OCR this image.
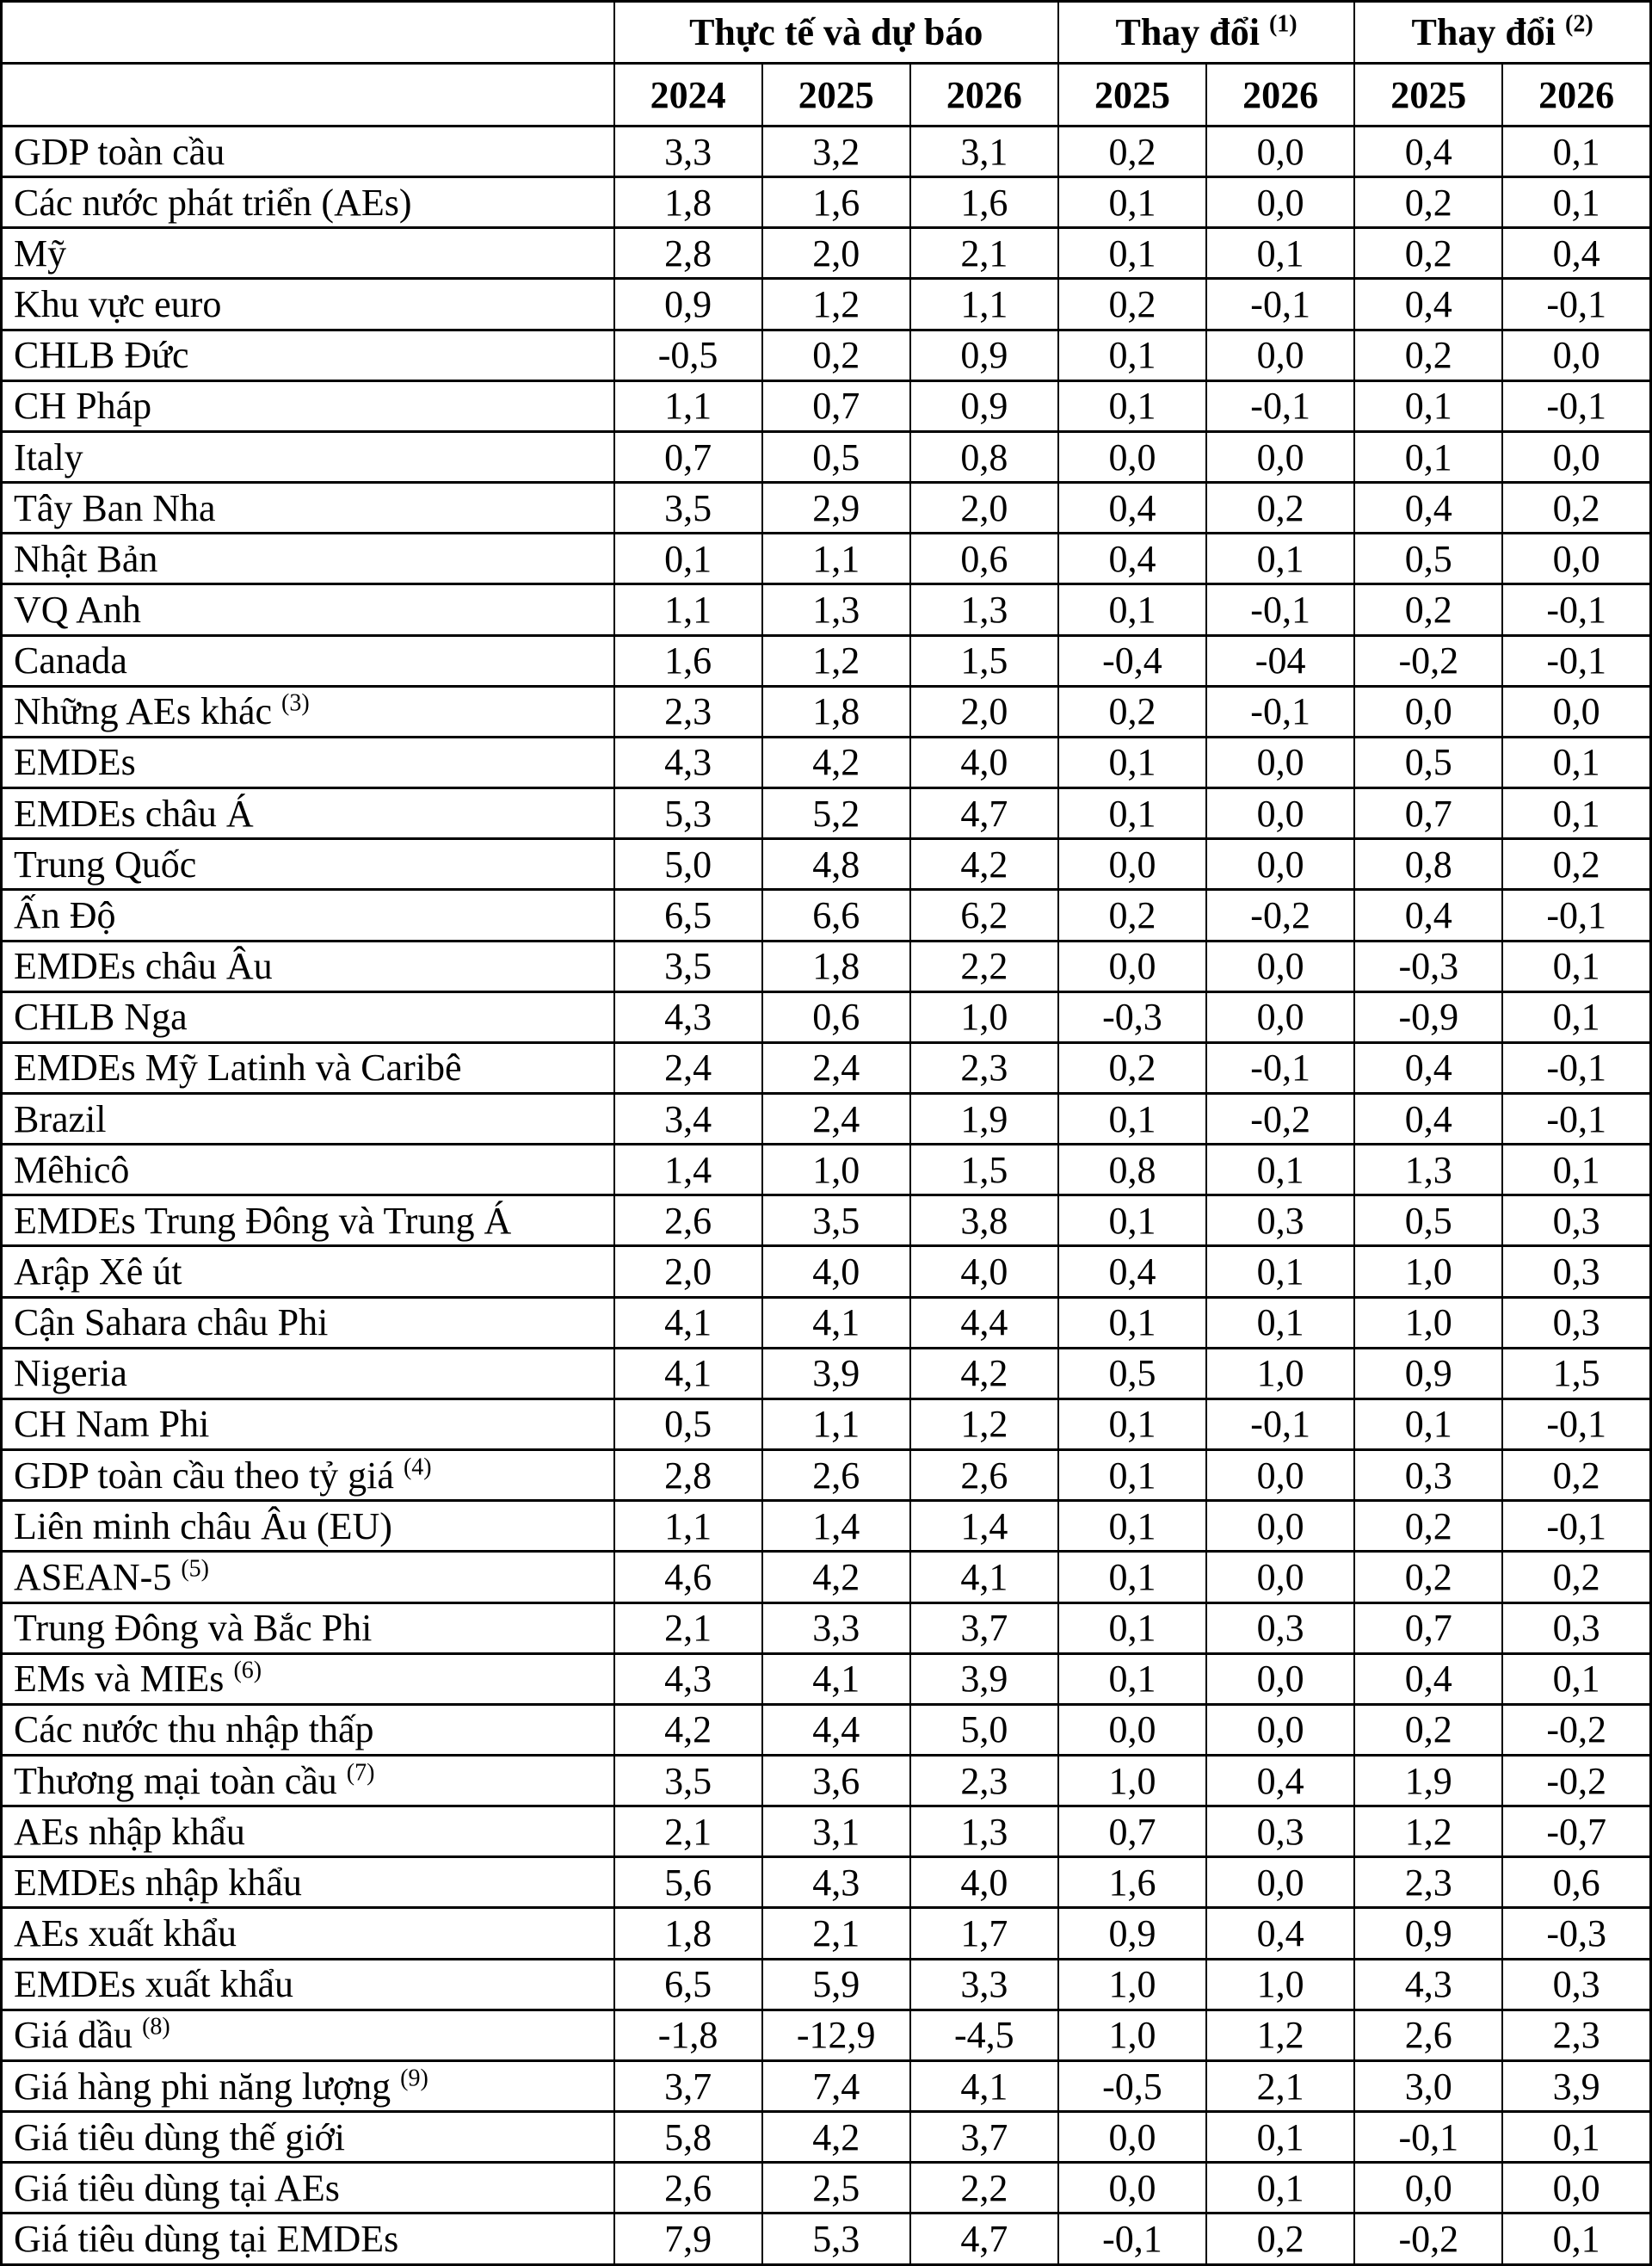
	Thực tế và dự báo			Thay đổi $^{(1)}$		Thay đổi $^{(2)}$
	2024	2025	2026	2025	2026	2025	2026
GDP toàn cầu	3,3	3,2	3,1	0,2	0,0	0,4	0,1
Các nước phát triển (AEs)	1,8	1,6	1,6	0,1	0,0	0,2	0,1
Mỹ	2,8	2,0	2,1	0,1	0,1	0,2	0,4
Khu vực euro	0,9	1,2	1,1	0,2	-0,1	0,4	-0,1
CHLB Đức	-0,5	0,2	0,9	0,1	0,0	0,2	0,0
CH Pháp	1,1	0,7	0,9	0,1	-0,1	0,1	-0,1
Italy	0,7	0,5	0,8	0,0	0,0	0,1	0,0
Tây Ban Nha	3,5	2,9	2,0	0,4	0,2	0,4	0,2
Nhật Bản	0,1	1,1	0,6	0,4	0,1	0,5	0,0
VQ Anh	1,1	1,3	1,3	0,1	-0,1	0,2	-0,1
Canada	1,6	1,2	1,5	-0,4	-04	-0,2	-0,1
Những AEs khác $^{(3)}$	2,3	1,8	2,0	0,2	-0,1	0,0	0,0
EMDEs	4,3	4,2	4,0	0,1	0,0	0,5	0,1
EMDEs châu Á	5,3	5,2	4,7	0,1	0,0	0,7	0,1
Trung Quốc	5,0	4,8	4,2	0,0	0,0	0,8	0,2
Ấn Độ	6,5	6,6	6,2	0,2	-0,2	0,4	-0,1
EMDEs châu Âu	3,5	1,8	2,2	0,0	0,0	-0,3	0,1
CHLB Nga	4,3	0,6	1,0	-0,3	0,0	-0,9	0,1
EMDEs Mỹ Latinh và Caribê	2,4	2,4	2,3	0,2	-0,1	0,4	-0,1
Brazil	3,4	2,4	1,9	0,1	-0,2	0,4	-0,1
Mêhicô	1,4	1,0	1,5	0,8	0,1	1,3	0,1
EMDEs Trung Đông và Trung Á	2,6	3,5	3,8	0,1	0,3	0,5	0,3
Arập Xê út	2,0	4,0	4,0	0,4	0,1	1,0	0,3
Cận Sahara châu Phi	4,1	4,1	4,4	0,1	0,1	1,0	0,3
Nigeria	4,1	3,9	4,2	0,5	1,0	0,9	1,5
CH Nam Phi	0,5	1,1	1,2	0,1	-0,1	0,1	-0,1
GDP toàn cầu theo tỷ giá $^{(4)}$	2,8	2,6	2,6	0,1	0,0	0,3	0,2
Liên minh châu Âu (EU)	1,1	1,4	1,4	0,1	0,0	0,2	-0,1
ASEAN-5 $^{(5)}$	4,6	4,2	4,1	0,1	0,0	0,2	0,2
Trung Đông và Bắc Phi	2,1	3,3	3,7	0,1	0,3	0,7	0,3
EMs và MIEs $^{(6)}$	4,3	4,1	3,9	0,1	0,0	0,4	0,1
Các nước thu nhập thấp	4,2	4,4	5,0	0,0	0,0	0,2	-0,2
Thương mại toàn cầu $^{(7)}$	3,5	3,6	2,3	1,0	0,4	1,9	-0,2
AEs nhập khẩu	2,1	3,1	1,3	0,7	0,3	1,2	-0,7
EMDEs nhập khẩu	5,6	4,3	4,0	1,6	0,0	2,3	0,6
AEs xuất khẩu	1,8	2,1	1,7	0,9	0,4	0,9	-0,3
EMDEs xuất khẩu	6,5	5,9	3,3	1,0	1,0	4,3	0,3
Giá dầu $^{(8)}$	-1,8	-12,9	-4,5	1,0	1,2	2,6	2,3
Giá hàng phi năng lượng $^{(9)}$	3,7	7,4	4,1	-0,5	2,1	3,0	3,9
Giá tiêu dùng thế giới	5,8	4,2	3,7	0,0	0,1	-0,1	0,1
Giá tiêu dùng tại AEs	2,6	2,5	2,2	0,0	0,1	0,0	0,0
Giá tiêu dùng tại EMDEs	7,9	5,3	4,7	-0,1	0,2	-0,2	0,1
